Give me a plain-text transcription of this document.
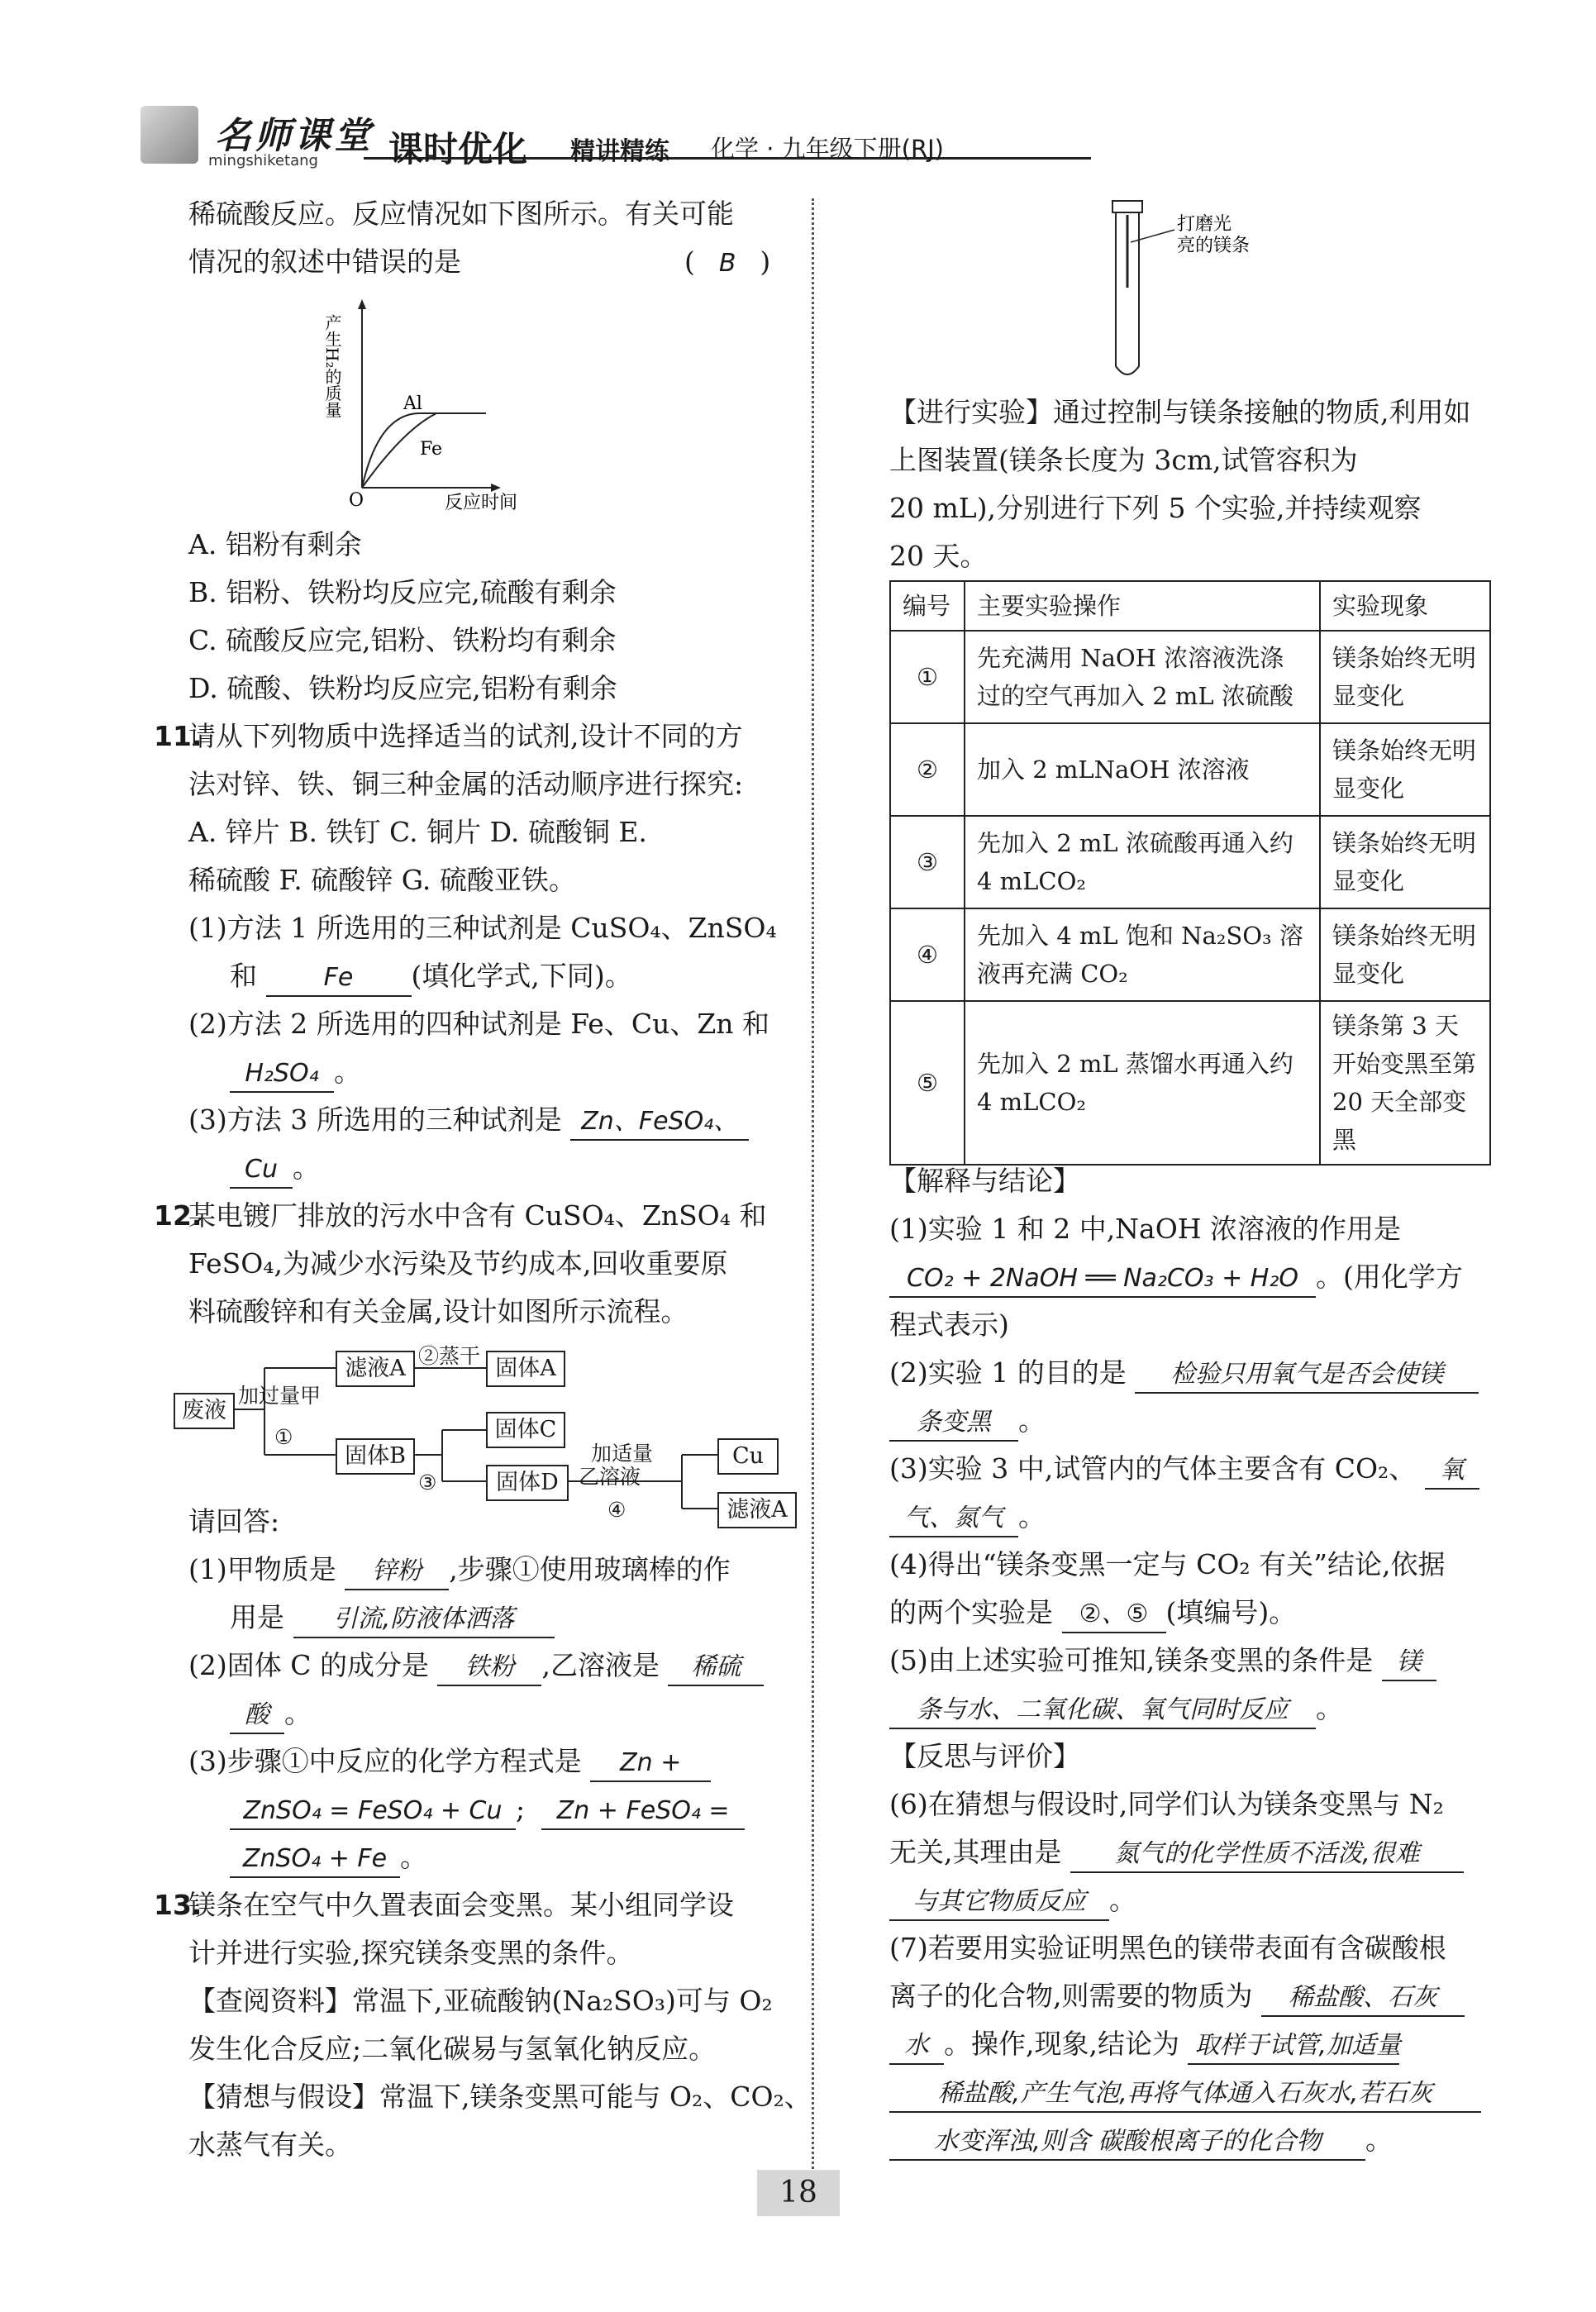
名师课堂
mingshiketang 课时优化 精讲精练 化学 · 九年级下册(RJ)
稀硫酸反应。反应情况如下图所示。有关可能
情况的叙述中错误的是	(  B  )
Al
Fe
O	反应时间
产生H₂的质量
A. 铝粉有剩余
B. 铝粉、铁粉均反应完,硫酸有剩余
C. 硫酸反应完,铝粉、铁粉均有剩余
D. 硫酸、铁粉均反应完,铝粉有剩余
11.
请从下列物质中选择适当的试剂,设计不同的方
法对锌、铁、铜三种金属的活动顺序进行探究:
A. 锌片 B. 铁钉 C. 铜片 D. 硫酸铜 E.
稀硫酸 F. 硫酸锌 G. 硫酸亚铁。
(1)方法 1 所选用的三种试剂是 CuSO₄、ZnSO₄
和	Fe (填化学式,下同)。
(2)方法 2 所选用的四种试剂是 Fe、Cu、Zn 和
H₂SO₄ 。
(3)方法 3 所选用的三种试剂是 Zn、FeSO₄、
Cu 。
12.
某电镀厂排放的污水中含有 CuSO₄、ZnSO₄ 和
FeSO₄,为减少水污染及节约成本,回收重要原
料硫酸锌和有关金属,设计如图所示流程。
废液
加过量甲
①
滤液A ②蒸干 固体A
固体B
③
固体C
固体D
加适量
乙溶液
④
Cu
滤液A
请回答:
(1)甲物质是 锌粉 ,步骤①使用玻璃棒的作
用是 引流,防液体洒落
(2)固体 C 的成分是 铁粉 ,乙溶液是 稀硫
酸 。
(3)步骤①中反应的化学方程式是 Zn +
ZnSO₄ = FeSO₄ + Cu ; Zn + FeSO₄ =
ZnSO₄ + Fe 。
13.
镁条在空气中久置表面会变黑。某小组同学设
计并进行实验,探究镁条变黑的条件。
【查阅资料】常温下,亚硫酸钠(Na₂SO₃)可与 O₂
发生化合反应;二氧化碳易与氢氧化钠反应。
【猜想与假设】常温下,镁条变黑可能与 O₂、CO₂、
水蒸气有关。
打磨光
亮的镁条
【进行实验】通过控制与镁条接触的物质,利用如
上图装置(镁条长度为 3cm,试管容积为
20 mL),分别进行下列 5 个实验,并持续观察
20 天。
编号	主要实验操作	实验现象
①	先充满用 NaOH 浓溶液洗涤过的空气再加入 2 mL 浓硫酸	镁条始终无明显变化
②	加入 2 mLNaOH 浓溶液	镁条始终无明显变化
③	先加入 2 mL 浓硫酸再通入约 4 mLCO₂	镁条始终无明显变化
④	先加入 4 mL 饱和 Na₂SO₃ 溶液再充满 CO₂	镁条始终无明显变化
⑤	先加入 2 mL 蒸馏水再通入约 4 mLCO₂	镁条第 3 天开始变黑至第 20 天全部变黑
【解释与结论】
(1)实验 1 和 2 中,NaOH 浓溶液的作用是
CO₂ + 2NaOH ══ Na₂CO₃ + H₂O 。(用化学方
程式表示)
(2)实验 1 的目的是 检验只用氧气是否会使镁
条变黑 。
(3)实验 3 中,试管内的气体主要含有 CO₂、 氧
气、氮气 。
(4)得出“镁条变黑一定与 CO₂ 有关”结论,依据
的两个实验是 ②、⑤ (填编号)。
(5)由上述实验可推知,镁条变黑的条件是 镁
条与水、二氧化碳、氧气同时反应 。
【反思与评价】
(6)在猜想与假设时,同学们认为镁条变黑与 N₂
无关,其理由是 氮气的化学性质不活泼,很难
与其它物质反应 。
(7)若要用实验证明黑色的镁带表面有含碳酸根
离子的化合物,则需要的物质为 稀盐酸、石灰
水 。操作,现象,结论为 取样于试管,加适量
稀盐酸,产生气泡,再将气体通入石灰水,若石灰
水变浑浊,则含 碳酸根离子的化合物 。
18
